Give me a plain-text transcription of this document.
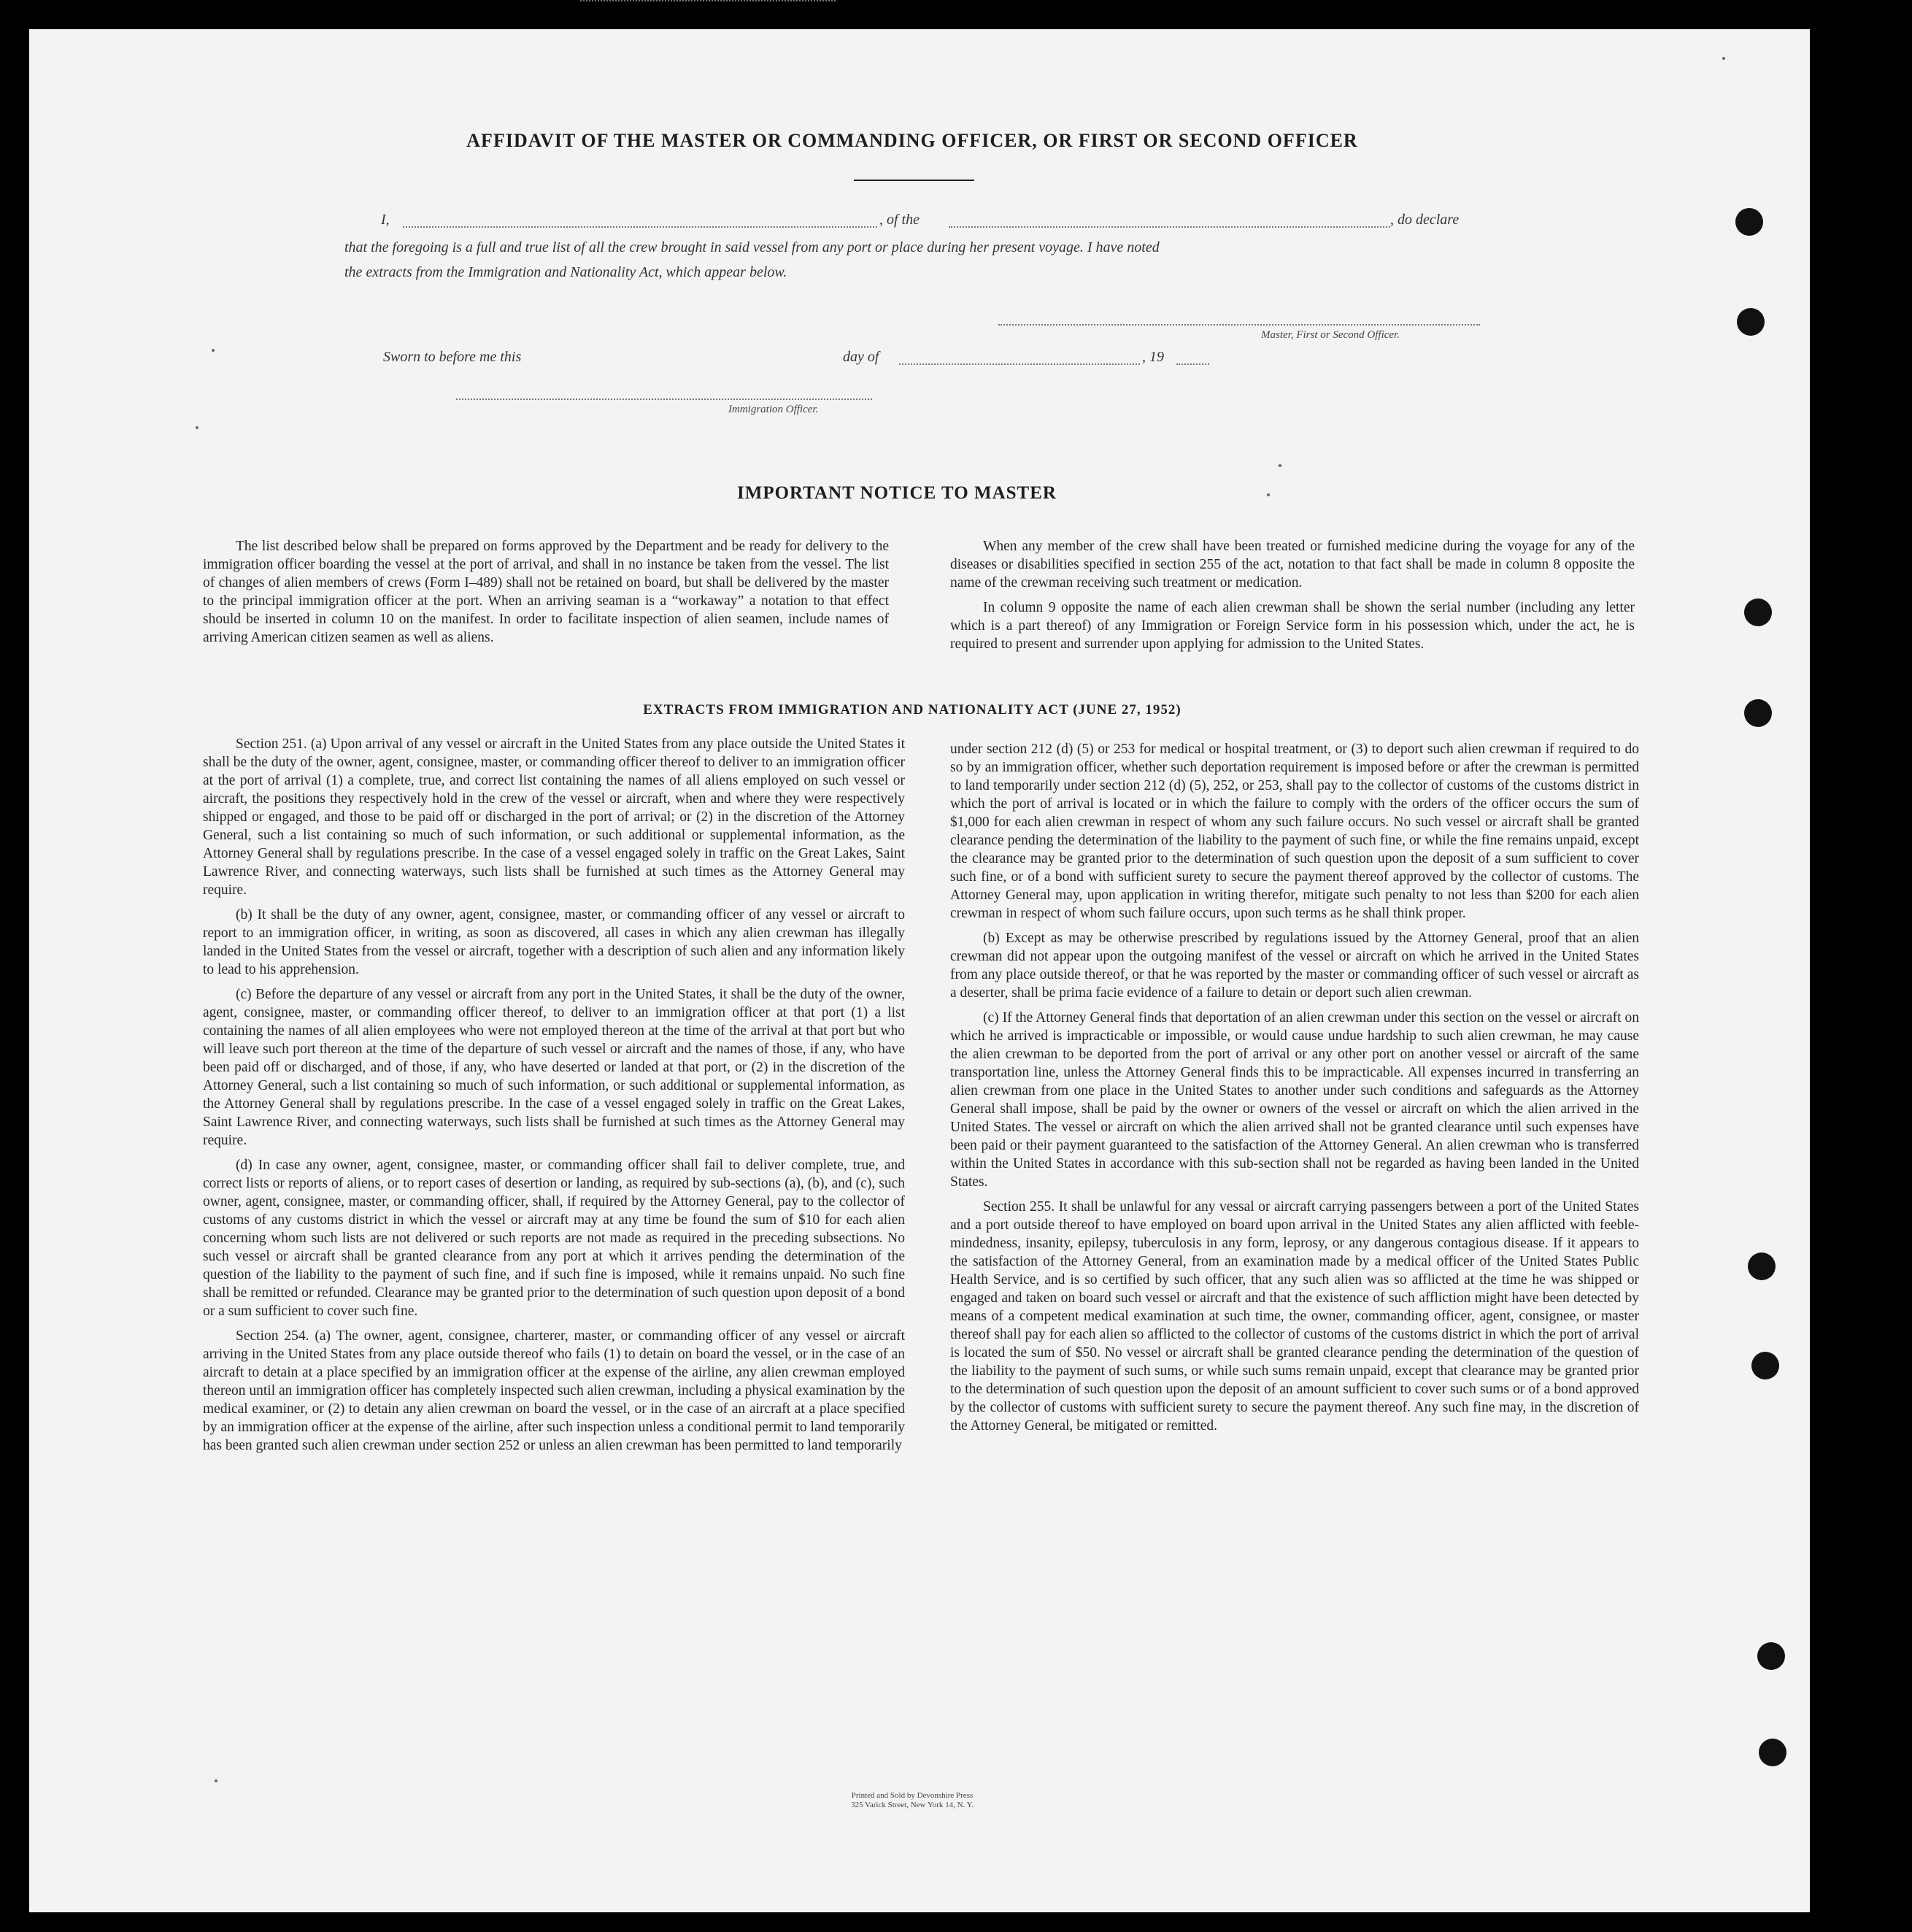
AFFIDAVIT OF THE MASTER OR COMMANDING OFFICER, OR FIRST OR SECOND OFFICER
I,	, of the	, do declare
that the foregoing is a full and true list of all the crew brought in said vessel from any port or place during her present voyage. I have noted
the extracts from the Immigration and Nationality Act, which appear below.
Master, First or Second Officer.
Sworn to before me this	day of	, 19
Immigration Officer.
IMPORTANT NOTICE TO MASTER

The list described below shall be prepared on forms approved by the Department and be ready for delivery to the immigration officer boarding the vessel at the port of arrival, and shall in no instance be taken from the vessel. The list of changes of alien members of crews (Form I–489) shall not be retained on board, but shall be delivered by the master to the principal immigration officer at the port. When an arriving seaman is a “workaway” a notation to that effect should be inserted in column 10 on the manifest. In order to facilitate inspection of alien seamen, include names of arriving American citizen seamen as well as aliens.

When any member of the crew shall have been treated or furnished medicine during the voyage for any of the diseases or disabilities specified in section 255 of the act, notation to that fact shall be made in column 8 opposite the name of the crewman receiving such treatment or medication.

In column 9 opposite the name of each alien crewman shall be shown the serial number (including any letter which is a part thereof) of any Immigration or Foreign Service form in his possession which, under the act, he is required to present and surrender upon applying for admission to the United States.

EXTRACTS FROM IMMIGRATION AND NATIONALITY ACT (JUNE 27, 1952)

Section 251. (a) Upon arrival of any vessel or aircraft in the United States from any place outside the United States it shall be the duty of the owner, agent, consignee, master, or commanding officer thereof to deliver to an immigration officer at the port of arrival (1) a complete, true, and correct list containing the names of all aliens employed on such vessel or aircraft, the positions they respectively hold in the crew of the vessel or aircraft, when and where they were respectively shipped or engaged, and those to be paid off or discharged in the port of arrival; or (2) in the discretion of the Attorney General, such a list containing so much of such information, or such additional or supplemental information, as the Attorney General shall by regulations prescribe. In the case of a vessel engaged solely in traffic on the Great Lakes, Saint Lawrence River, and connecting waterways, such lists shall be furnished at such times as the Attorney General may require.

(b) It shall be the duty of any owner, agent, consignee, master, or commanding officer of any vessel or aircraft to report to an immigration officer, in writing, as soon as discovered, all cases in which any alien crewman has illegally landed in the United States from the vessel or aircraft, together with a description of such alien and any information likely to lead to his apprehension.

(c) Before the departure of any vessel or aircraft from any port in the United States, it shall be the duty of the owner, agent, consignee, master, or commanding officer thereof, to deliver to an immigration officer at that port (1) a list containing the names of all alien employees who were not employed thereon at the time of the arrival at that port but who will leave such port thereon at the time of the departure of such vessel or aircraft and the names of those, if any, who have been paid off or discharged, and of those, if any, who have deserted or landed at that port, or (2) in the discretion of the Attorney General, such a list containing so much of such information, or such additional or supplemental information, as the Attorney General shall by regulations prescribe. In the case of a vessel engaged solely in traffic on the Great Lakes, Saint Lawrence River, and connecting waterways, such lists shall be furnished at such times as the Attorney General may require.

(d) In case any owner, agent, consignee, master, or commanding officer shall fail to deliver complete, true, and correct lists or reports of aliens, or to report cases of desertion or landing, as required by sub-sections (a), (b), and (c), such owner, agent, consignee, master, or commanding officer, shall, if required by the Attorney General, pay to the collector of customs of any customs district in which the vessel or aircraft may at any time be found the sum of $10 for each alien concerning whom such lists are not delivered or such reports are not made as required in the preceding subsections. No such vessel or aircraft shall be granted clearance from any port at which it arrives pending the determination of the question of the liability to the payment of such fine, and if such fine is imposed, while it remains unpaid. No such fine shall be remitted or refunded. Clearance may be granted prior to the determination of such question upon deposit of a bond or a sum sufficient to cover such fine.

Section 254. (a) The owner, agent, consignee, charterer, master, or commanding officer of any vessel or aircraft arriving in the United States from any place outside thereof who fails (1) to detain on board the vessel, or in the case of an aircraft to detain at a place specified by an immigration officer at the expense of the airline, any alien crewman employed thereon until an immigration officer has completely inspected such alien crewman, including a physical examination by the medical examiner, or (2) to detain any alien crewman on board the vessel, or in the case of an aircraft at a place specified by an immigration officer at the expense of the airline, after such inspection unless a conditional permit to land temporarily has been granted such alien crewman under section 252 or unless an alien crewman has been permitted to land temporarily

under section 212 (d) (5) or 253 for medical or hospital treatment, or (3) to deport such alien crewman if required to do so by an immigration officer, whether such deportation requirement is imposed before or after the crewman is permitted to land temporarily under section 212 (d) (5), 252, or 253, shall pay to the collector of customs of the customs district in which the port of arrival is located or in which the failure to comply with the orders of the officer occurs the sum of $1,000 for each alien crewman in respect of whom any such failure occurs. No such vessel or aircraft shall be granted clearance pending the determination of the liability to the payment of such fine, or while the fine remains unpaid, except the clearance may be granted prior to the determination of such question upon the deposit of a sum sufficient to cover such fine, or of a bond with sufficient surety to secure the payment thereof approved by the collector of customs. The Attorney General may, upon application in writing therefor, mitigate such penalty to not less than $200 for each alien crewman in respect of whom such failure occurs, upon such terms as he shall think proper.

(b) Except as may be otherwise prescribed by regulations issued by the Attorney General, proof that an alien crewman did not appear upon the outgoing manifest of the vessel or aircraft on which he arrived in the United States from any place outside thereof, or that he was reported by the master or commanding officer of such vessel or aircraft as a deserter, shall be prima facie evidence of a failure to detain or deport such alien crewman.

(c) If the Attorney General finds that deportation of an alien crewman under this section on the vessel or aircraft on which he arrived is impracticable or impossible, or would cause undue hardship to such alien crewman, he may cause the alien crewman to be deported from the port of arrival or any other port on another vessel or aircraft of the same transportation line, unless the Attorney General finds this to be impracticable. All expenses incurred in transferring an alien crewman from one place in the United States to another under such conditions and safeguards as the Attorney General shall impose, shall be paid by the owner or owners of the vessel or aircraft on which the alien arrived in the United States. The vessel or aircraft on which the alien arrived shall not be granted clearance until such expenses have been paid or their payment guaranteed to the satisfaction of the Attorney General. An alien crewman who is transferred within the United States in accordance with this sub-section shall not be regarded as having been landed in the United States.

Section 255. It shall be unlawful for any vessal or aircraft carrying passengers between a port of the United States and a port outside thereof to have employed on board upon arrival in the United States any alien afflicted with feeble-mindedness, insanity, epilepsy, tuberculosis in any form, leprosy, or any dangerous contagious disease. If it appears to the satisfaction of the Attorney General, from an examination made by a medical officer of the United States Public Health Service, and is so certified by such officer, that any such alien was so afflicted at the time he was shipped or engaged and taken on board such vessel or aircraft and that the existence of such affliction might have been detected by means of a competent medical examination at such time, the owner, commanding officer, agent, consignee, or master thereof shall pay for each alien so afflicted to the collector of customs of the customs district in which the port of arrival is located the sum of $50. No vessel or aircraft shall be granted clearance pending the determination of the question of the liability to the payment of such sums, or while such sums remain unpaid, except that clearance may be granted prior to the determination of such question upon the deposit of an amount sufficient to cover such sums or of a bond approved by the collector of customs with sufficient surety to secure the payment thereof. Any such fine may, in the discretion of the Attorney General, be mitigated or remitted.

Printed and Sold by Devonshire Press
325 Varick Street, New York 14, N. Y.
